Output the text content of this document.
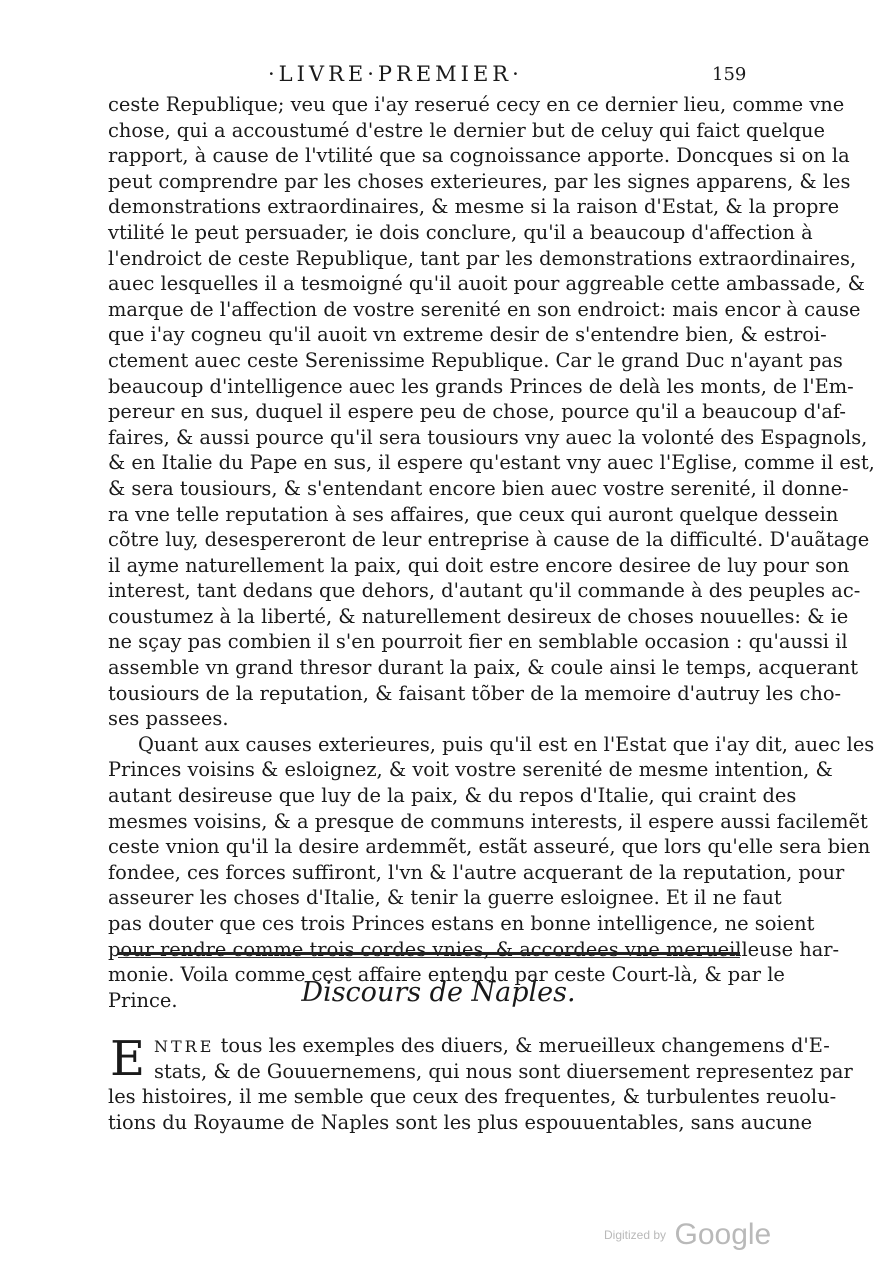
·LIVRE·PREMIER·	159
ceste Republique; veu que i'ay reserué cecy en ce dernier lieu, comme vne
chose, qui a accoustumé d'estre le dernier but de celuy qui faict quelque
rapport, à cause de l'vtilité que sa cognoissance apporte. Doncques si on la
peut comprendre par les choses exterieures, par les signes apparens, & les
demonstrations extraordinaires, & mesme si la raison d'Estat, & la propre
vtilité le peut persuader, ie dois conclure, qu'il a beaucoup d'affection à
l'endroict de ceste Republique, tant par les demonstrations extraordinaires,
auec lesquelles il a tesmoigné qu'il auoit pour aggreable cette ambassade, &
marque de l'affection de vostre serenité en son endroict: mais encor à cause
que i'ay cogneu qu'il auoit vn extreme desir de s'entendre bien, & estroi-
ctement auec ceste Serenissime Republique. Car le grand Duc n'ayant pas
beaucoup d'intelligence auec les grands Princes de delà les monts, de l'Em-
pereur en sus, duquel il espere peu de chose, pource qu'il a beaucoup d'af-
faires, & aussi pource qu'il sera tousiours vny auec la volonté des Espagnols,
& en Italie du Pape en sus, il espere qu'estant vny auec l'Eglise, comme il est,
& sera tousiours, & s'entendant encore bien auec vostre serenité, il donne-
ra vne telle reputation à ses affaires, que ceux qui auront quelque dessein
cõtre luy, desespereront de leur entreprise à cause de la difficulté. D'auãtage
il ayme naturellement la paix, qui doit estre encore desiree de luy pour son
interest, tant dedans que dehors, d'autant qu'il commande à des peuples ac-
coustumez à la liberté, & naturellement desireux de choses nouuelles: & ie
ne sçay pas combien il s'en pourroit fier en semblable occasion : qu'aussi il
assemble vn grand thresor durant la paix, & coule ainsi le temps, acquerant
tousiours de la reputation, & faisant tõber de la memoire d'autruy les cho-
ses passees.
Quant aux causes exterieures, puis qu'il est en l'Estat que i'ay dit, auec les
Princes voisins & esloignez, & voit vostre serenité de mesme intention, &
autant desireuse que luy de la paix, & du repos d'Italie, qui craint des
mesmes voisins, & a presque de communs interests, il espere aussi facilemẽt
ceste vnion qu'il la desire ardemmẽt, estãt asseuré, que lors qu'elle sera bien
fondee, ces forces suffiront, l'vn & l'autre acquerant de la reputation, pour
asseurer les choses d'Italie, & tenir la guerre esloignee. Et il ne faut
pas douter que ces trois Princes estans en bonne intelligence, ne soient
pour rendre comme trois cordes vnies, & accordees vne merueilleuse har-
monie. Voila comme cest affaire entendu par ceste Court-là, & par le
Prince.	Discours de Naples.
E NTRE tous les exemples des diuers, & merueilleux changemens d'E-
stats, & de Gouuernemens, qui nous sont diuersement representez par
les histoires, il me semble que ceux des frequentes, & turbulentes reuolu-
tions du Royaume de Naples sont les plus espouuentables, sans aucune
Digitized by Google
